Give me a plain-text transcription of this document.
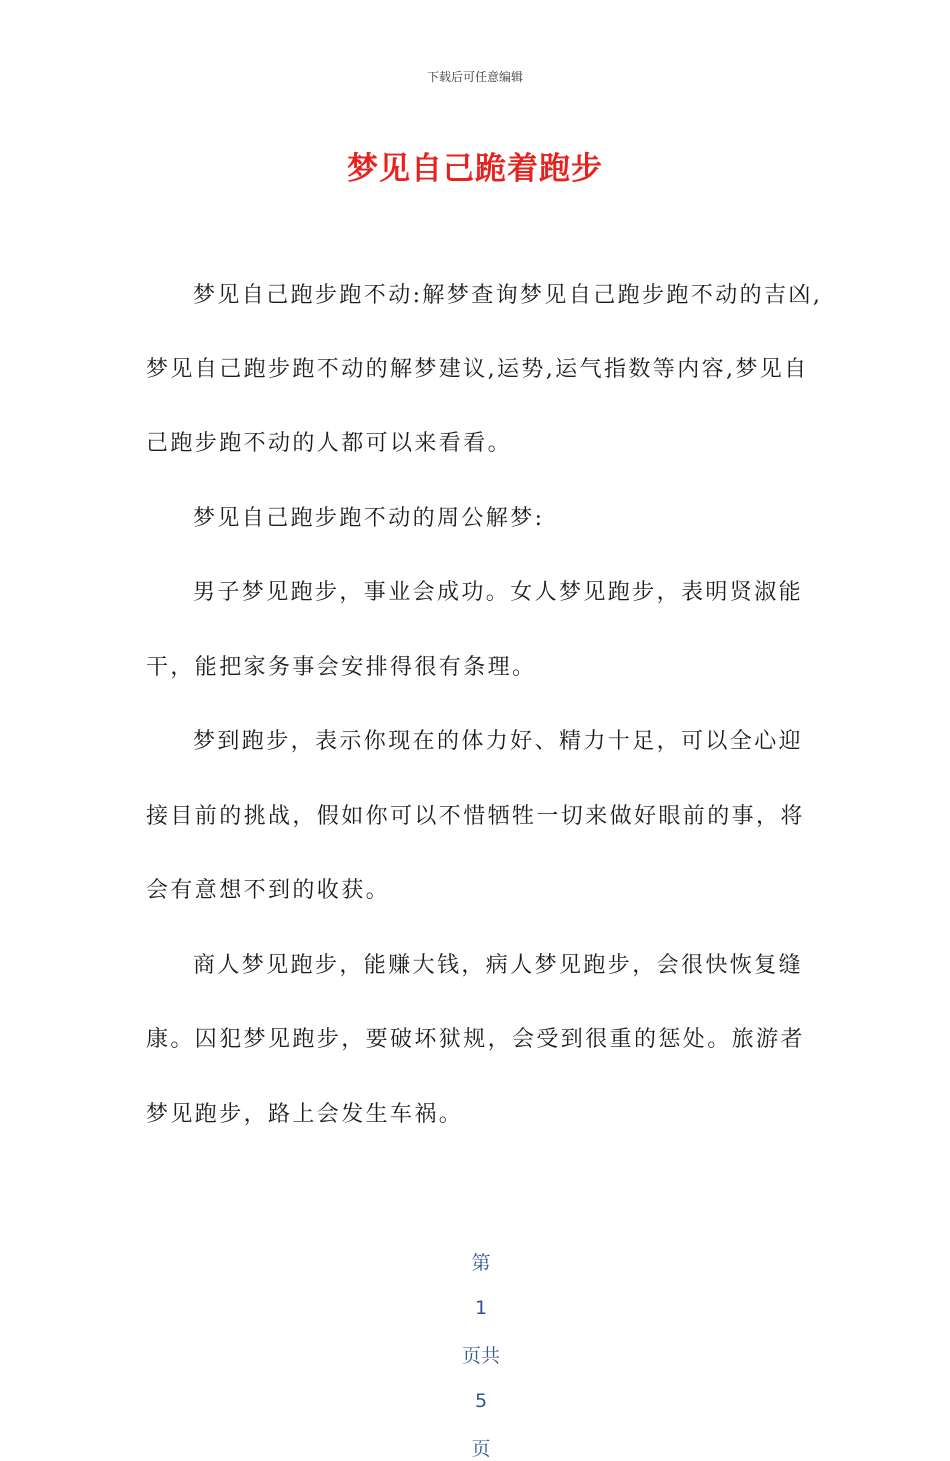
下载后可任意编辑
梦见自己跪着跑步
梦见自己跑步跑不动:解梦查询梦见自己跑步跑不动的吉凶,
梦见自己跑步跑不动的解梦建议,运势,运气指数等内容,梦见自
己跑步跑不动的人都可以来看看。
梦见自己跑步跑不动的周公解梦:
男子梦见跑步，事业会成功。女人梦见跑步，表明贤淑能
干，能把家务事会安排得很有条理。
梦到跑步，表示你现在的体力好、精力十足，可以全心迎
接目前的挑战，假如你可以不惜牺牲一切来做好眼前的事，将
会有意想不到的收获。
商人梦见跑步，能赚大钱，病人梦见跑步，会很快恢复缝
康。囚犯梦见跑步，要破坏狱规，会受到很重的惩处。旅游者
梦见跑步，路上会发生车祸。

第

1

页共

5

页
